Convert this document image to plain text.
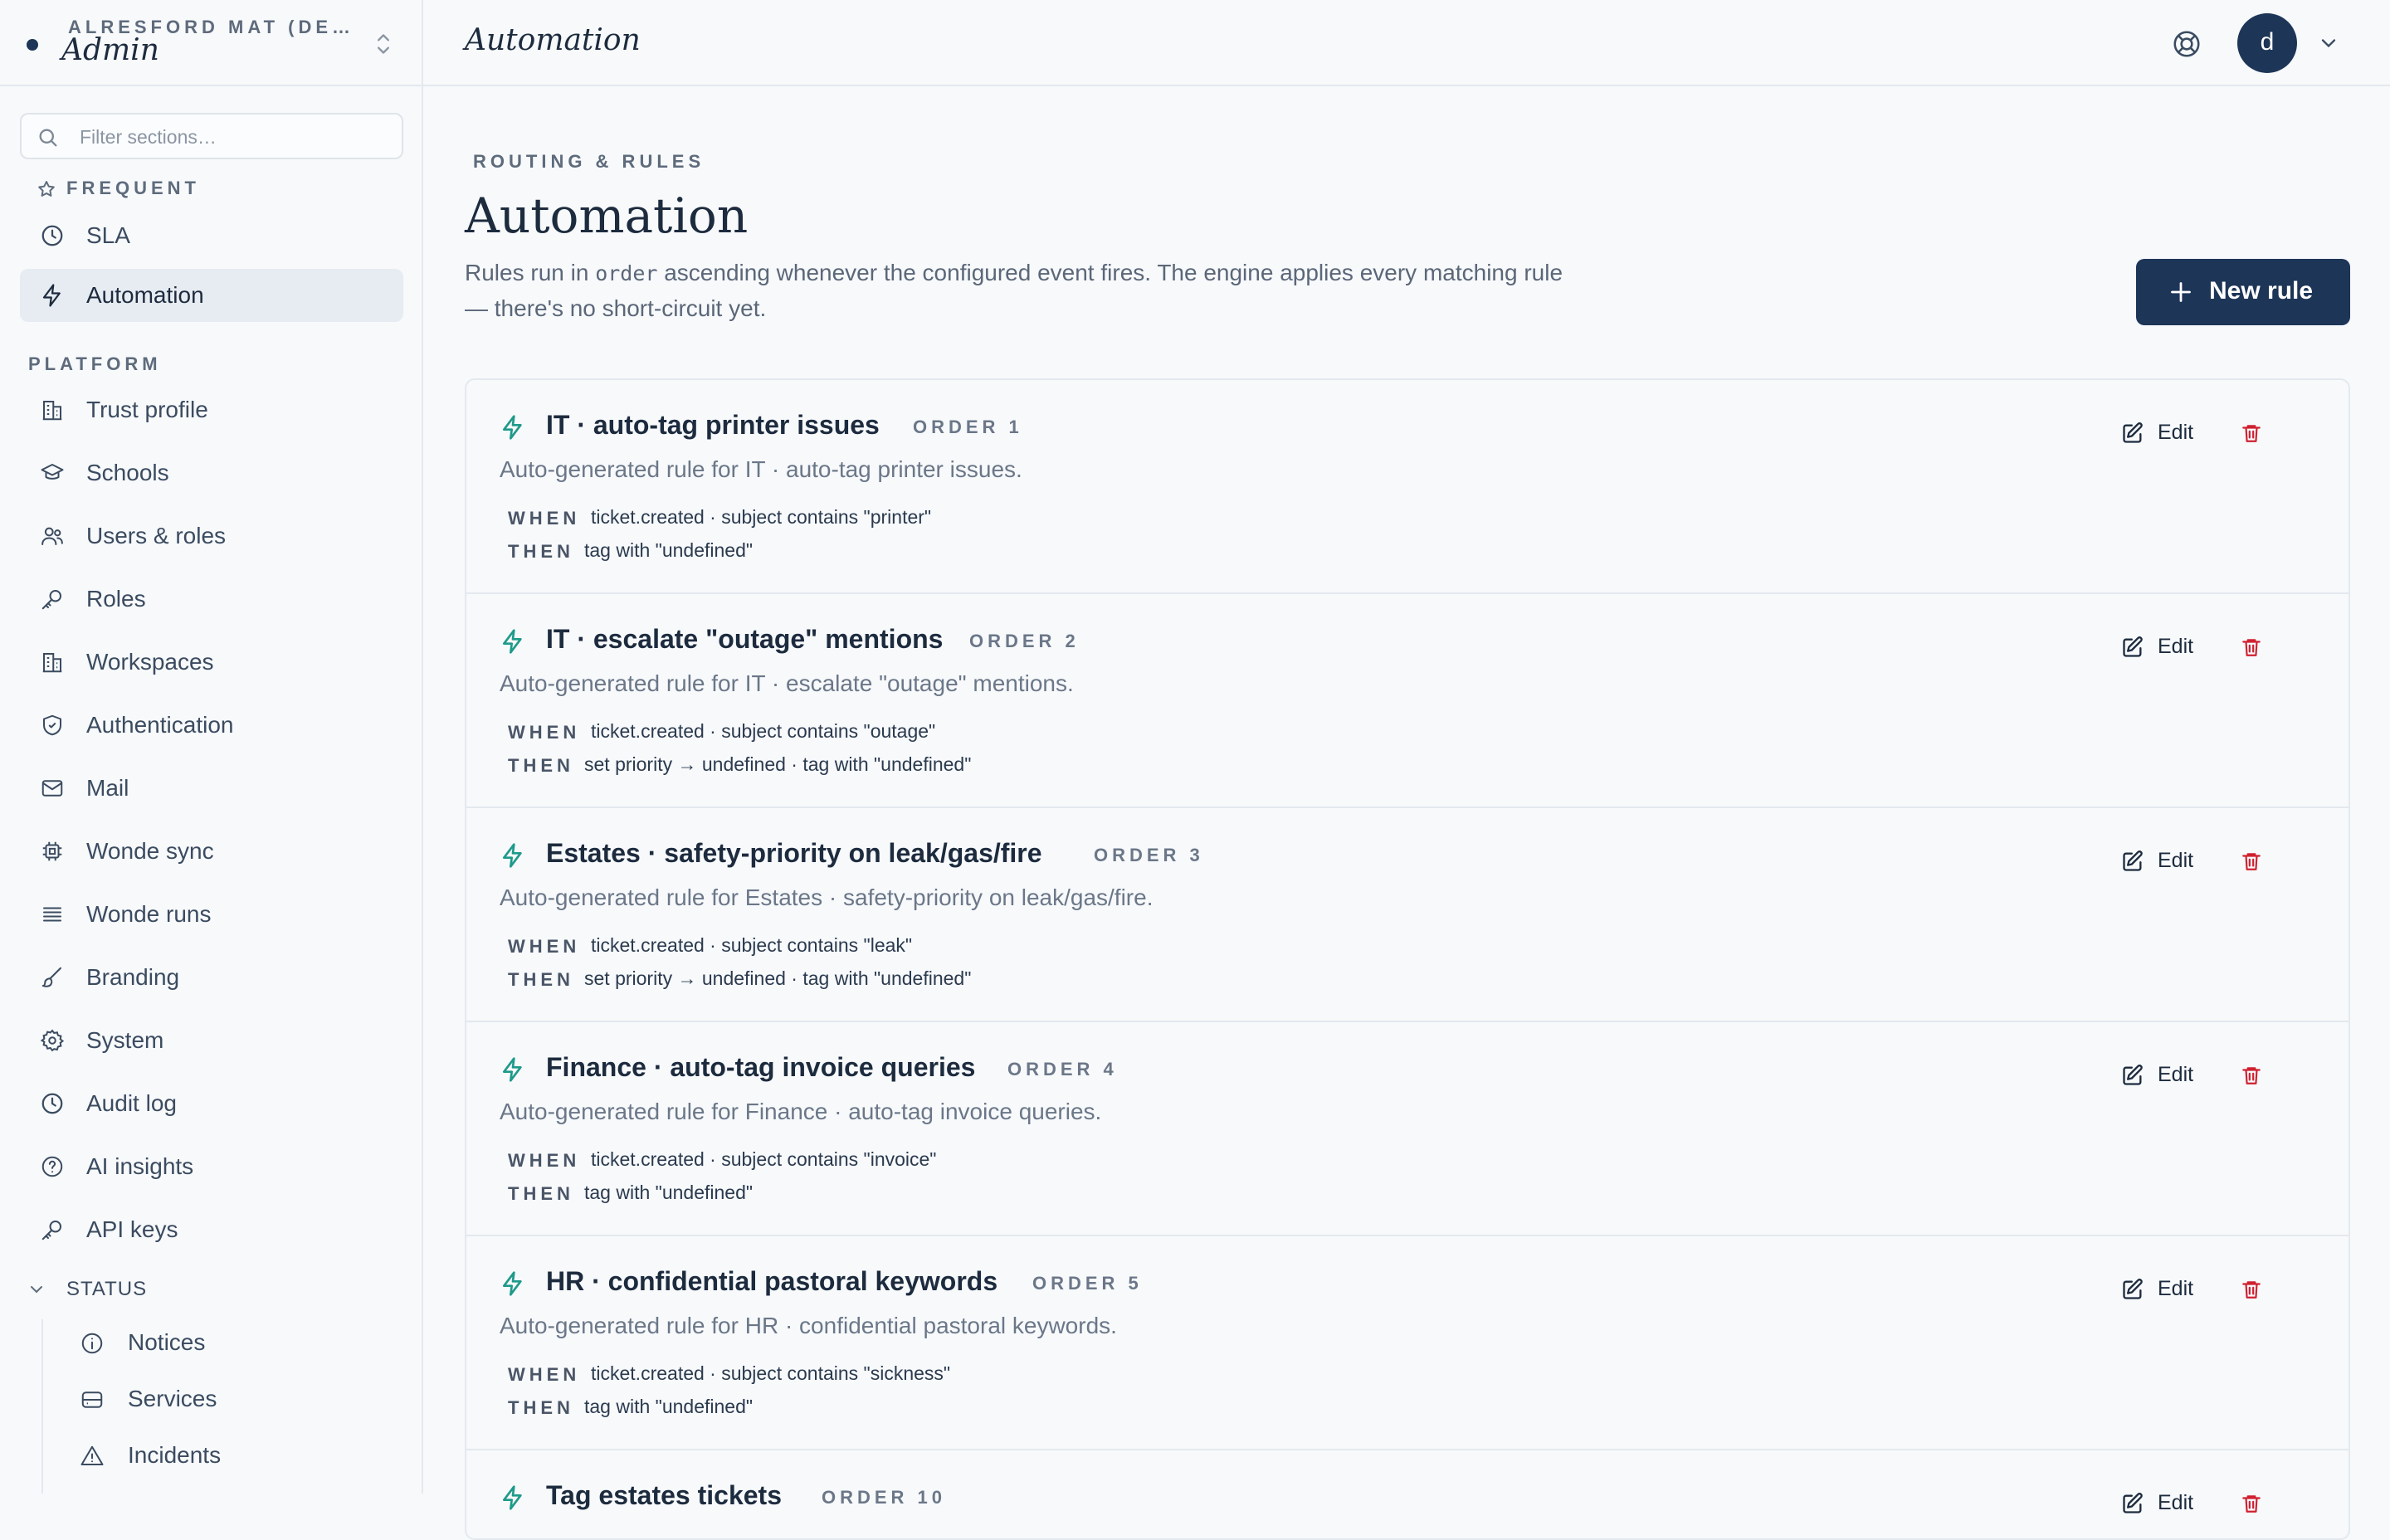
ALRESFORD MAT (DE…
Admin
Filter sections…
FREQUENT
SLA
Automation
PLATFORM
Trust profile
Schools
Users & roles
Roles
Workspaces
Authentication
Mail
Wonde sync
Wonde runs
Branding
System
Audit log
AI insights
API keys
STATUS
Notices
Services
Incidents
Automation	d
ROUTING & RULES
Automation

Rules run in order ascending whenever the configured event fires. The engine applies every matching rule — there's no short-circuit yet.

New rule
IT · auto-tag printer issues ORDER 1
Auto-generated rule for IT · auto-tag printer issues.
WHEN ticket.created · subject contains "printer"
THEN tag with "undefined"
Edit
IT · escalate "outage" mentions ORDER 2
Auto-generated rule for IT · escalate "outage" mentions.
WHEN ticket.created · subject contains "outage"
THEN set priority → undefined · tag with "undefined"
Edit
Estates · safety-priority on leak/gas/fire	ORDER 3
Auto-generated rule for Estates · safety-priority on leak/gas/fire.
WHEN ticket.created · subject contains "leak"
THEN set priority → undefined · tag with "undefined"
Edit
Finance · auto-tag invoice queries ORDER 4
Auto-generated rule for Finance · auto-tag invoice queries.
WHEN ticket.created · subject contains "invoice"
THEN tag with "undefined"
Edit
HR · confidential pastoral keywords ORDER 5
Auto-generated rule for HR · confidential pastoral keywords.
WHEN ticket.created · subject contains "sickness"
THEN tag with "undefined"
Edit
Tag estates tickets ORDER 10	Edit
